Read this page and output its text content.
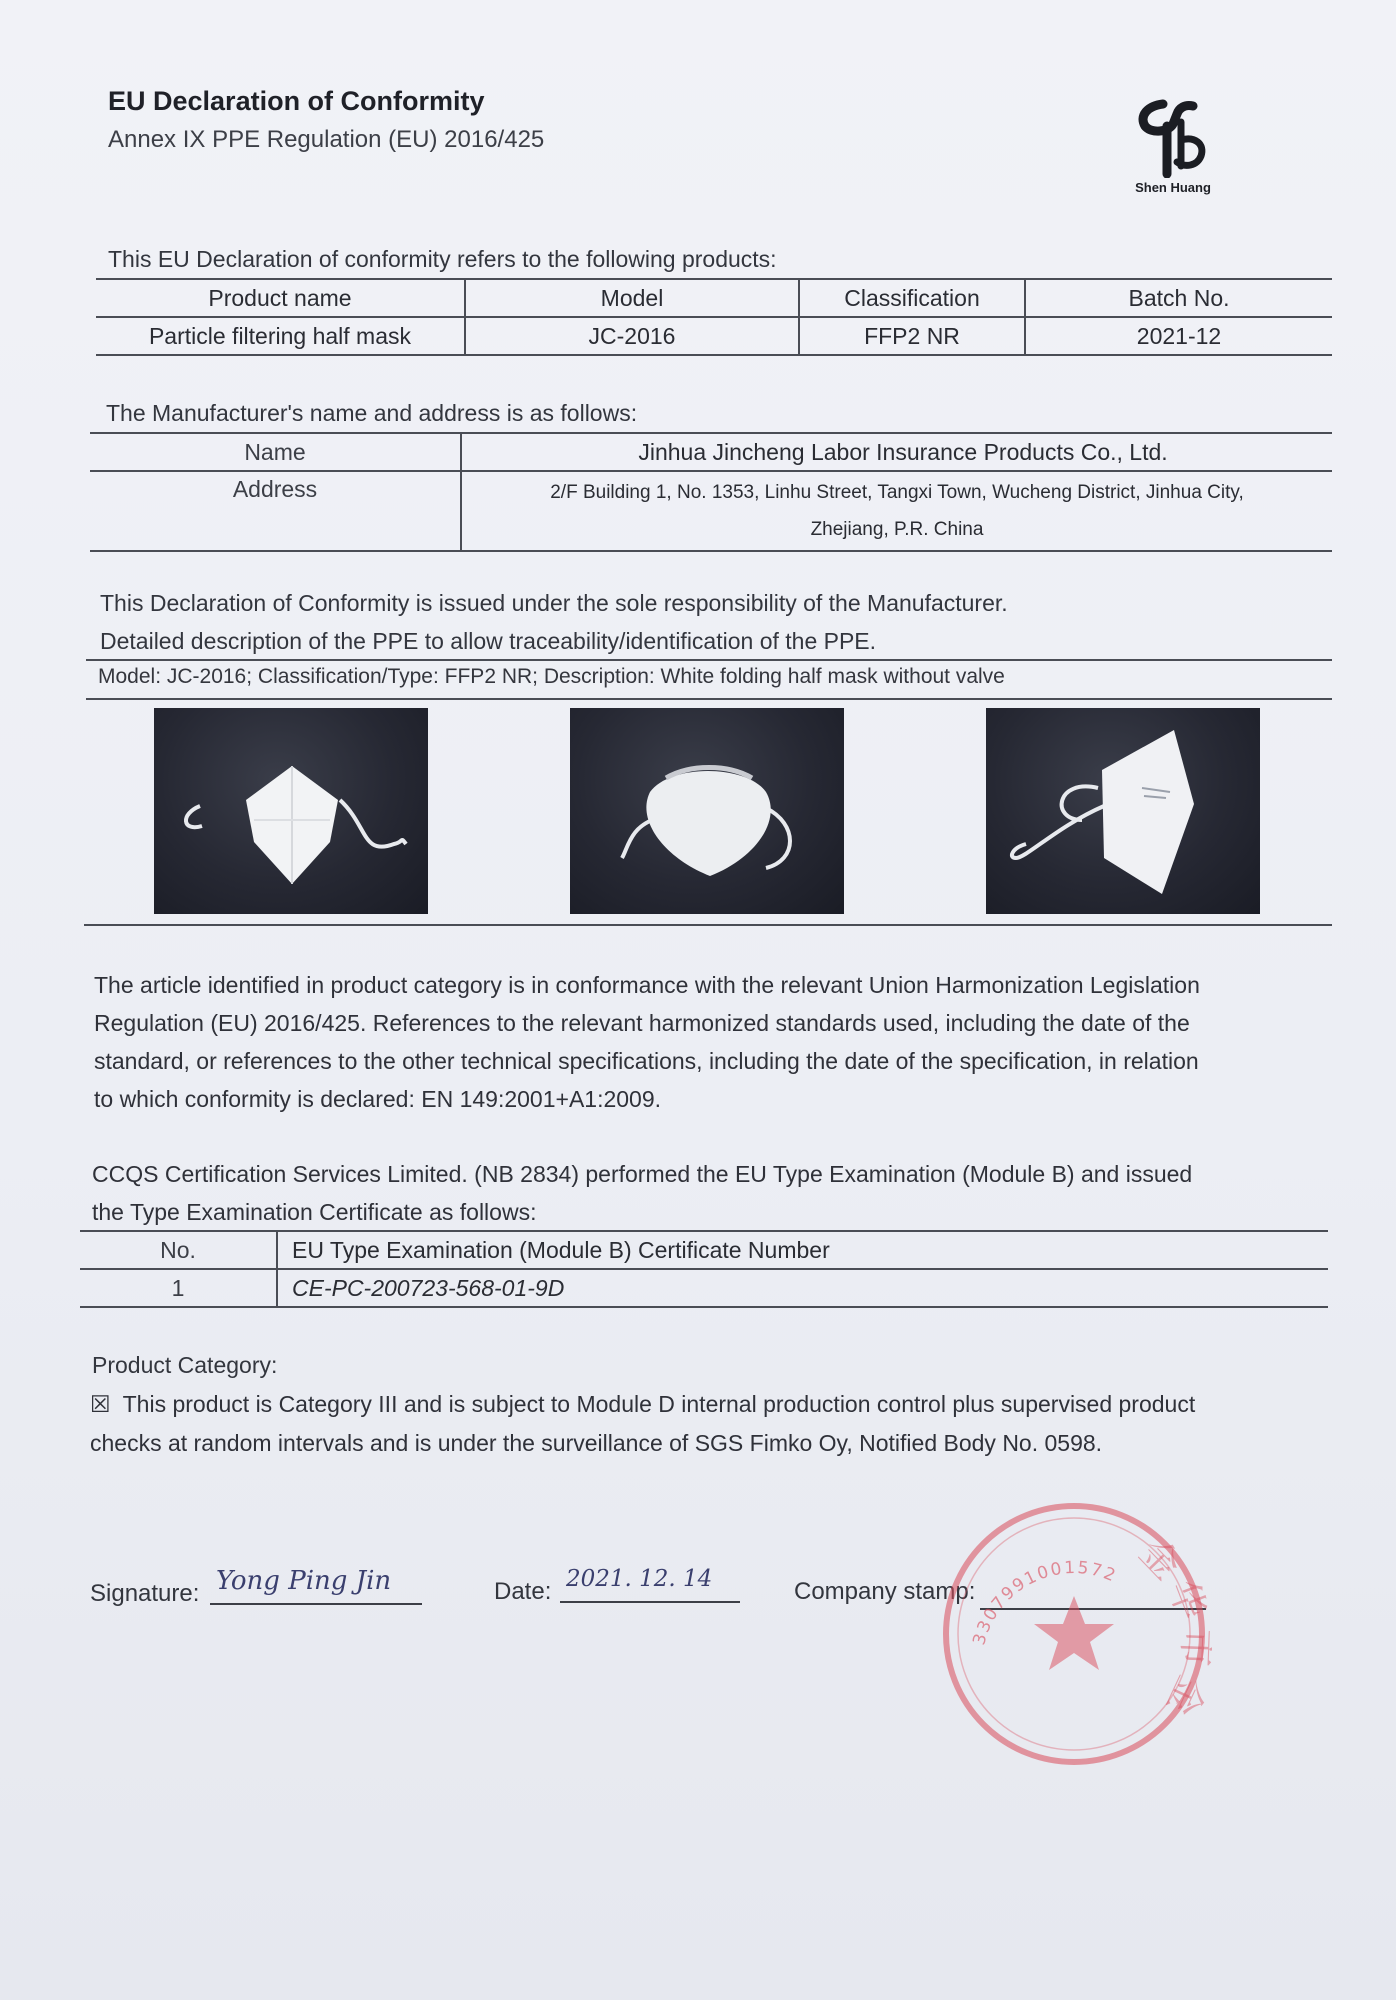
EU Declaration of Conformity
Annex IX PPE Regulation (EU) 2016/425
Shen Huang
This EU Declaration of conformity refers to the following products:
Product name	Model	Classification	Batch No.
Particle filtering half mask	JC-2016	FFP2 NR	2021-12
The Manufacturer's name and address is as follows:
Name	Jinhua Jincheng Labor Insurance Products Co., Ltd.
Address	2/F Building 1, No. 1353, Linhu Street, Tangxi Town, Wucheng District, Jinhua City,
Zhejiang, P.R. China
This Declaration of Conformity is issued under the sole responsibility of the Manufacturer.
Detailed description of the PPE to allow traceability/identification of the PPE.
Model: JC-2016; Classification/Type: FFP2 NR; Description: White folding half mask without valve
The article identified in product category is in conformance with the relevant Union Harmonization Legislation
Regulation (EU) 2016/425. References to the relevant harmonized standards used, including the date of the
standard, or references to the other technical specifications, including the date of the specification, in relation
to which conformity is declared: EN 149:2001+A1:2009.
CCQS Certification Services Limited. (NB 2834) performed the EU Type Examination (Module B) and issued
the Type Examination Certificate as follows:
No.	EU Type Examination (Module B) Certificate Number
1	CE-PC-200723-568-01-9D
Product Category:
☒ This product is Category III and is subject to Module D internal production control plus supervised product
checks at random intervals and is under the surveillance of SGS Fimko Oy, Notified Body No. 0598.
Signature: Yong Ping Jin	Date: 2021. 12. 14	Company stamp:
3307991001572 金华 金
